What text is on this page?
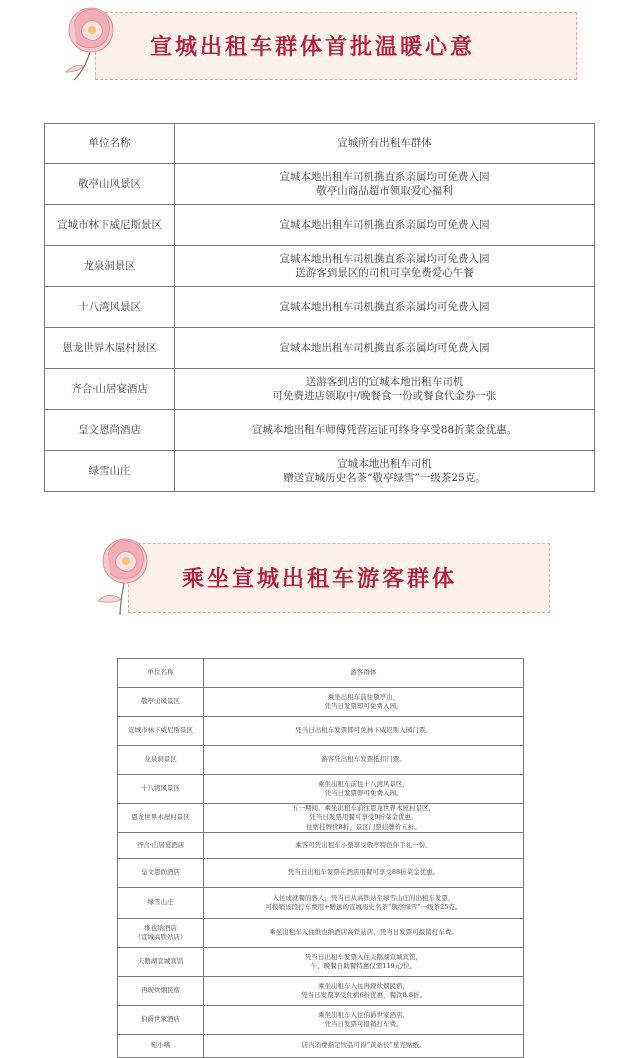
宣城出租车群体首批温暖心意
单位名称	宣城所有出租车群体

敬亭山风景区	宣城本地出租车司机携直系亲属均可免费入园
敬亭山商品超市领取爱心福利

宣城市林下威尼斯景区	宣城本地出租车司机携直系亲属均可免费入园

龙泉洞景区	宣城本地出租车司机携直系亲属均可免费入园
送游客到景区的司机可享免费爱心午餐

十八湾风景区	宣城本地出租车司机携直系亲属均可免费入园

恩龙世界木屋村景区	宣城本地出租车司机携直系亲属均可免费入园

齐合·山居宴酒店	送游客到店的宣城本地出租车司机
可免费进店领取中/晚餐食一份或餐食代金券一张

皇文恩尚酒店	宣城本地出租车师傅凭营运证可终身享受88折菜金优惠。

绿雪山庄	宣城本地出租车司机
赠送宣城历史名茶“敬亭绿雪”一级茶25克。
乘坐宣城出租车游客群体
单位名称	游客群体

敬亭山风景区	乘坐出租车前往敬亭山，
凭当日发票即可免费入园。

宣城市林下威尼斯景区	凭当日出租车发票即可免林下威尼斯入园门票。

龙泉洞景区	游客凭出租车发票抵扣门票。

十八湾风景区	乘坐出租车前往十八湾风景区，
凭当日发票即可免费入园。

恩龙世界木屋村景区	五一期间，乘坐出租车前往恩龙世界木屋村景区，
凭当日发票用餐可享受9折菜金优惠，
住宿挂牌价8折，景区门票挂牌价五折。

齐合·山居宴酒店	乘客可凭出租车小票享受敬亭特色伴手礼一份。

皇文恩尚酒店	凭当日出租车发票在酒店用餐可享受88折菜金优惠。

绿雪山庄	入住或就餐的客人，凭当日从高铁站至绿雪山庄的出租车发票，
可报销该段打车费用+赠送的宣城历史名茶“敬亭绿雪”一级茶25克。

维也纳酒店
（宣城高铁站店）	乘坐出租车入住维也纳酒店高铁站店，凭当日发票可报销打车费。

天鹅湖宣城宾馆	凭当日出租车发票入住天鹅湖宣城宾馆，
午、晚餐自助餐特惠仅需119元/位。

再现炊烟民宿	乘坐出租车入住再现炊烟民宿，
凭当日发票享受住宿6折优惠，餐饮8.8折。

伯爵世家酒店	乘坐出租车入住伯爵世家酒店，
凭当日发票可报销打车费。

宛小嗜	店内消费指定饮品可得“黄站长”星光贴纸。
